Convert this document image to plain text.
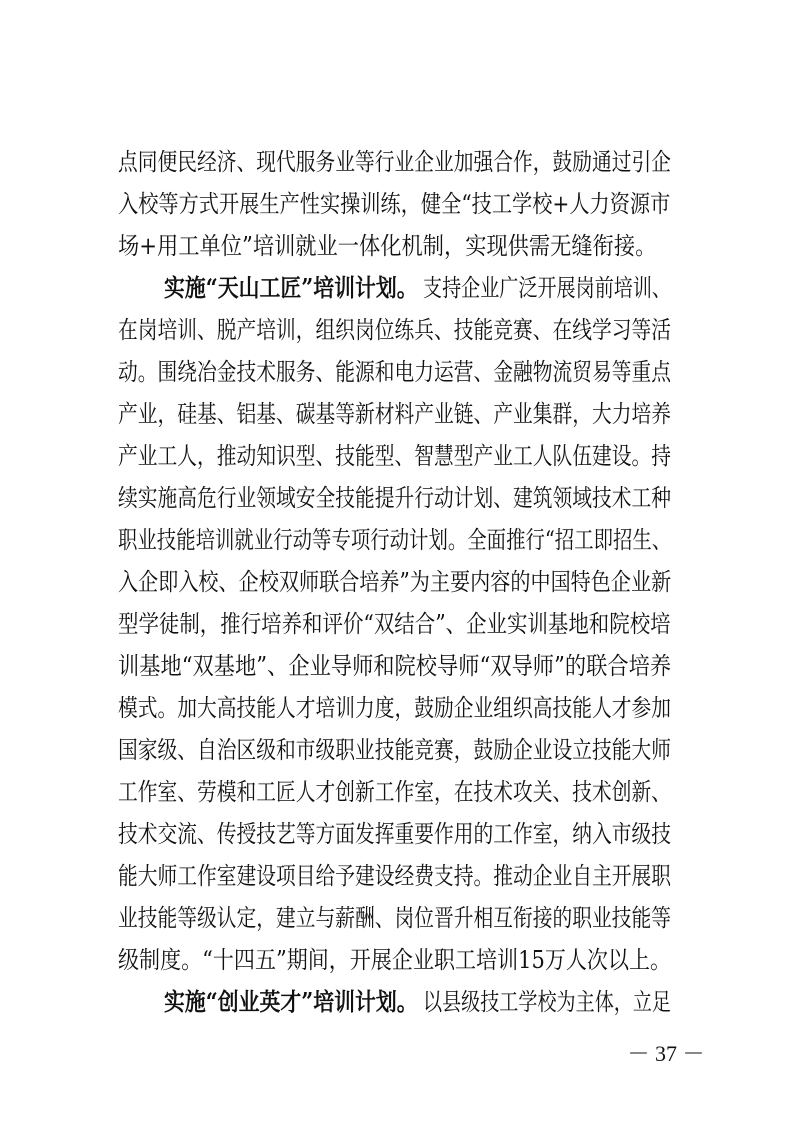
点同便民经济、现代服务业等行业企业加强合作，鼓励通过引企

入校等方式开展生产性实操训练，健全“技工学校+人力资源市

场+用工单位”培训就业一体化机制，实现供需无缝衔接。

实施“天山工匠”培训计划。 支持企业广泛开展岗前培训、

在岗培训、脱产培训，组织岗位练兵、技能竞赛、在线学习等活

动。围绕冶金技术服务、能源和电力运营、金融物流贸易等重点

产业，硅基、铝基、碳基等新材料产业链、产业集群，大力培养

产业工人，推动知识型、技能型、智慧型产业工人队伍建设。持

续实施高危行业领域安全技能提升行动计划、建筑领域技术工种

职业技能培训就业行动等专项行动计划。全面推行“招工即招生、

入企即入校、企校双师联合培养”为主要内容的中国特色企业新

型学徒制，推行培养和评价“双结合”、企业实训基地和院校培

训基地“双基地”、企业导师和院校导师“双导师”的联合培养

模式。加大高技能人才培训力度，鼓励企业组织高技能人才参加

国家级、自治区级和市级职业技能竞赛，鼓励企业设立技能大师

工作室、劳模和工匠人才创新工作室，在技术攻关、技术创新、

技术交流、传授技艺等方面发挥重要作用的工作室，纳入市级技

能大师工作室建设项目给予建设经费支持。推动企业自主开展职

业技能等级认定，建立与薪酬、岗位晋升相互衔接的职业技能等

级制度。“十四五”期间，开展企业职工培训15万人次以上。

实施“创业英才”培训计划。 以县级技工学校为主体，立足

－ 37 －
